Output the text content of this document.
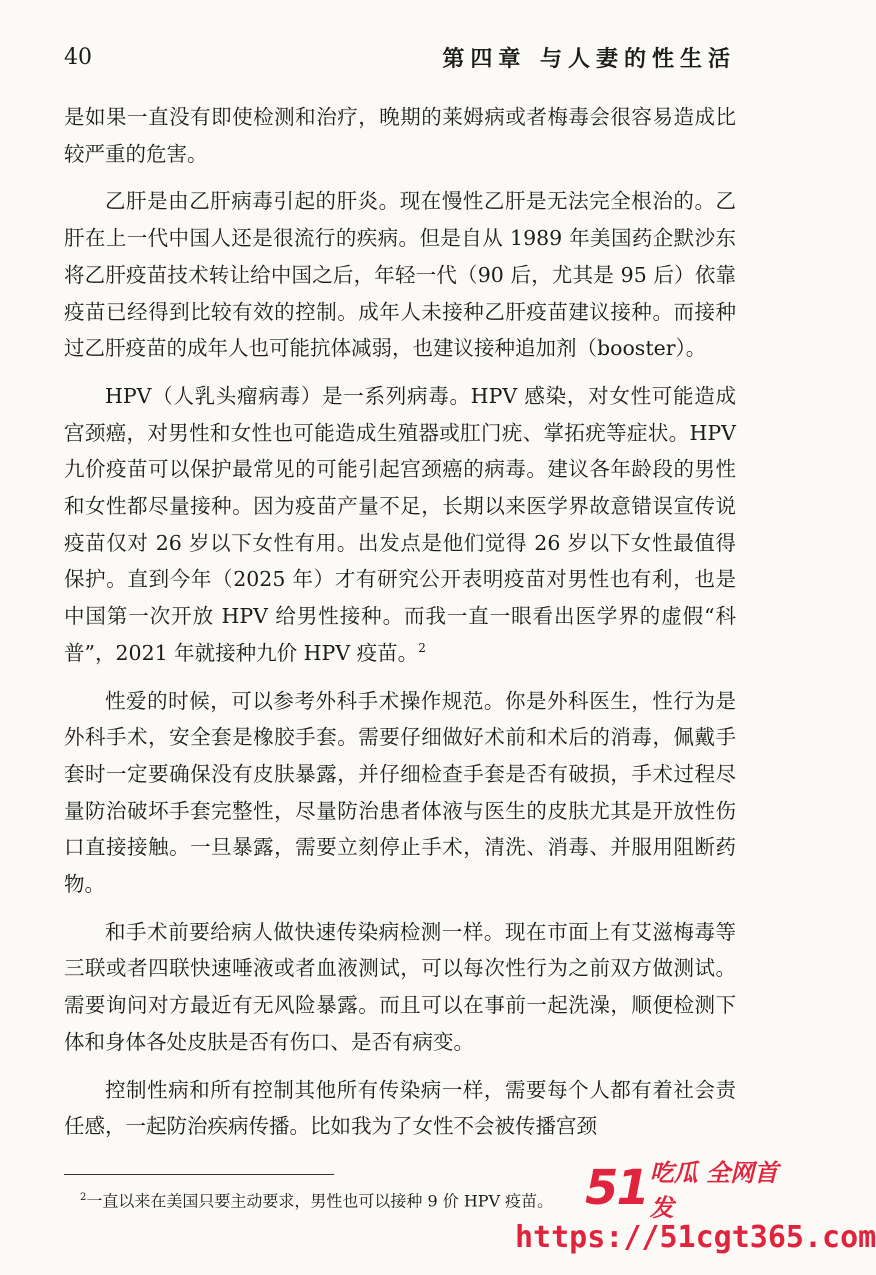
40	第四章 与人妻的性生活

是如果一直没有即使检测和治疗，晚期的莱姆病或者梅毒会很容易造成比较严重的危害。

乙肝是由乙肝病毒引起的肝炎。现在慢性乙肝是无法完全根治的。乙肝在上一代中国人还是很流行的疾病。但是自从 1989 年美国药企默沙东将乙肝疫苗技术转让给中国之后，年轻一代（90 后，尤其是 95 后）依靠疫苗已经得到比较有效的控制。成年人未接种乙肝疫苗建议接种。而接种过乙肝疫苗的成年人也可能抗体减弱，也建议接种追加剂（booster）。

HPV（人乳头瘤病毒）是一系列病毒。HPV 感染，对女性可能造成宫颈癌，对男性和女性也可能造成生殖器或肛门疣、掌拓疣等症状。HPV 九价疫苗可以保护最常见的可能引起宫颈癌的病毒。建议各年龄段的男性和女性都尽量接种。因为疫苗产量不足，长期以来医学界故意错误宣传说疫苗仅对 26 岁以下女性有用。出发点是他们觉得 26 岁以下女性最值得保护。直到今年（2025 年）才有研究公开表明疫苗对男性也有利，也是中国第一次开放 HPV 给男性接种。而我一直一眼看出医学界的虚假“科普”，2021 年就接种九价 HPV 疫苗。$^2$

性爱的时候，可以参考外科手术操作规范。你是外科医生，性行为是外科手术，安全套是橡胶手套。需要仔细做好术前和术后的消毒，佩戴手套时一定要确保没有皮肤暴露，并仔细检查手套是否有破损，手术过程尽量防治破坏手套完整性，尽量防治患者体液与医生的皮肤尤其是开放性伤口直接接触。一旦暴露，需要立刻停止手术，清洗、消毒、并服用阻断药物。

和手术前要给病人做快速传染病检测一样。现在市面上有艾滋梅毒等三联或者四联快速唾液或者血液测试，可以每次性行为之前双方做测试。需要询问对方最近有无风险暴露。而且可以在事前一起洗澡，顺便检测下体和身体各处皮肤是否有伤口、是否有病变。

控制性病和所有控制其他所有传染病一样，需要每个人都有着社会责任感，一起防治疾病传播。比如我为了女性不会被传播宫颈

$^2$一直以来在美国只要主动要求，男性也可以接种 9 价 HPV 疫苗。 51 吃瓜 全网首发
https://51cgt365.com
